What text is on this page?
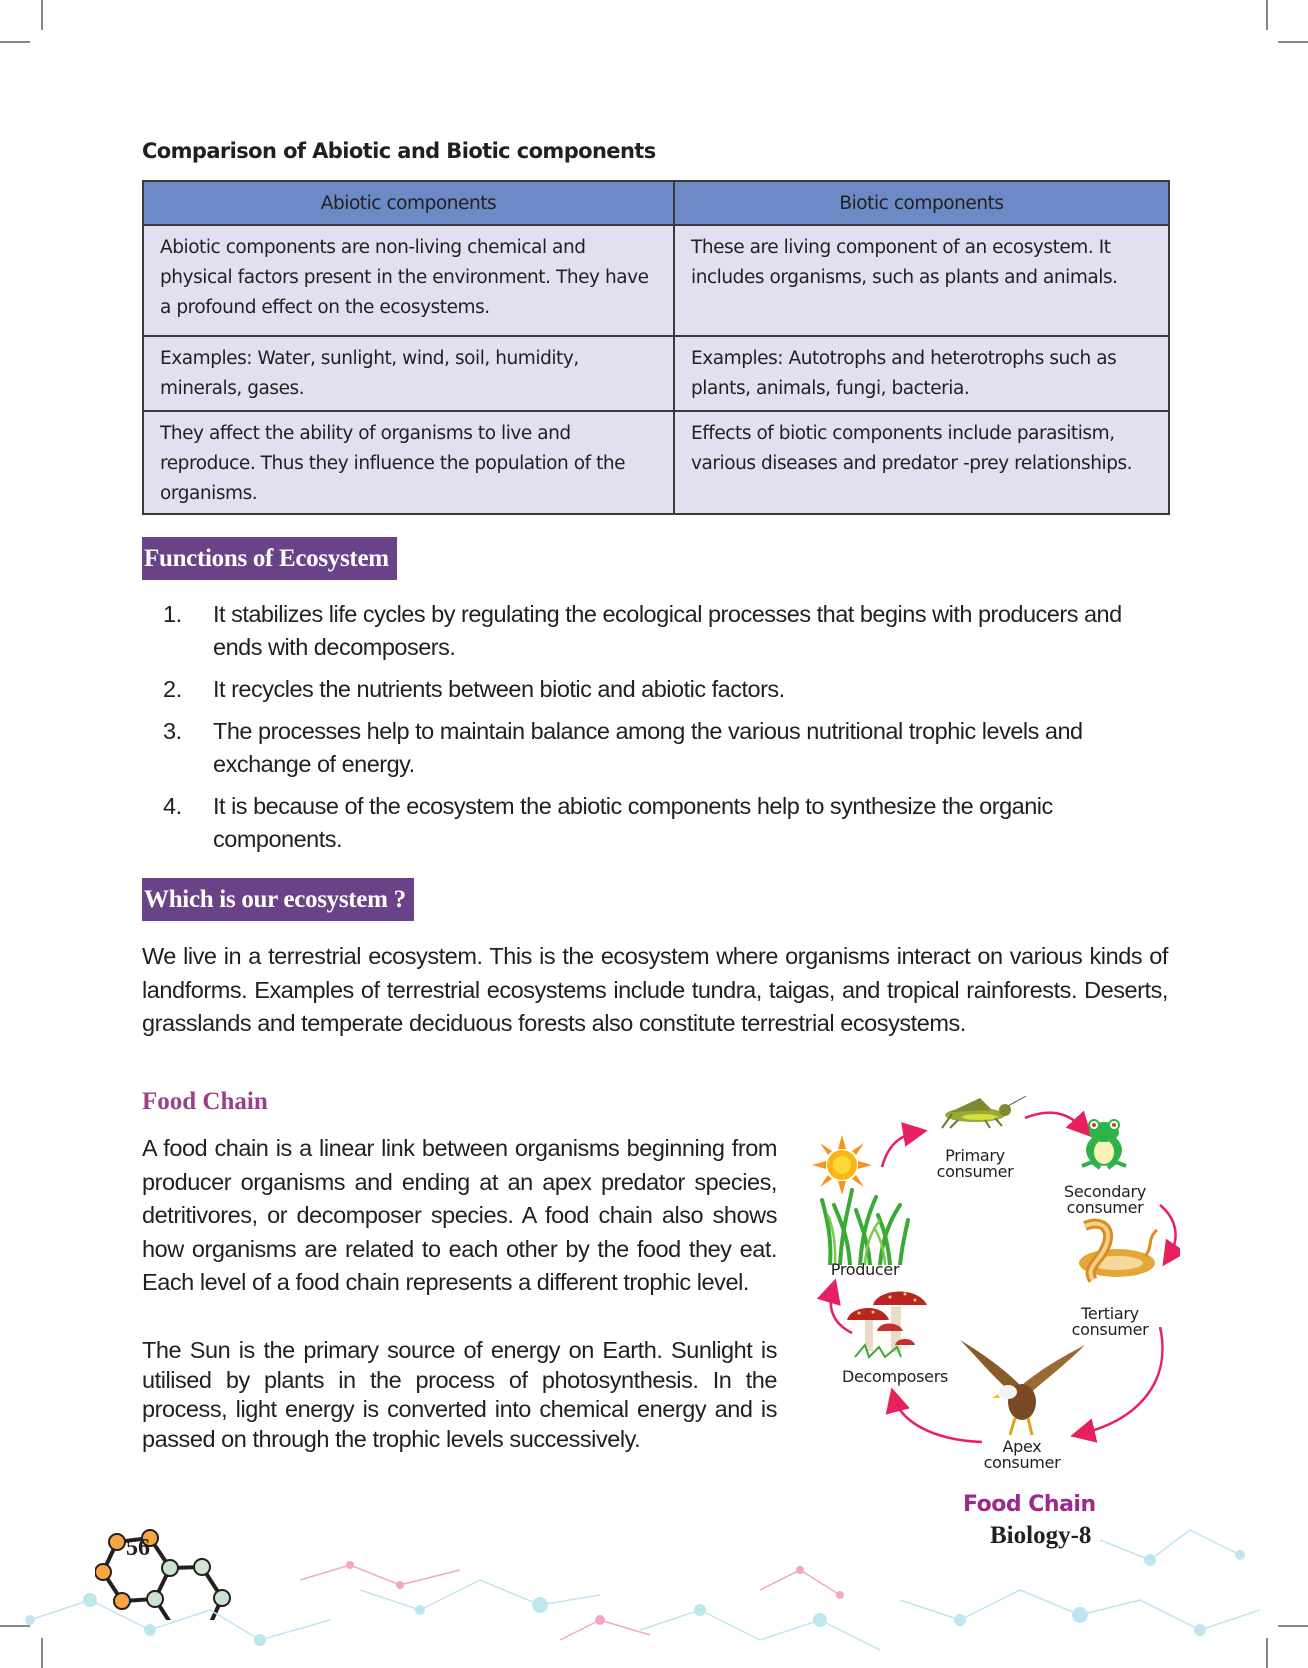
Comparison of Abiotic and Biotic components
Abiotic components	Biotic components
Abiotic components are non-living chemical and physical factors present in the environment. They have a profound effect on the ecosystems.	These are living component of an ecosystem. It includes organisms, such as plants and animals.
Examples: Water, sunlight, wind, soil, humidity, minerals, gases.	Examples: Autotrophs and heterotrophs such as plants, animals, fungi, bacteria.
They affect the ability of organisms to live and reproduce. Thus they influence the population of the organisms.	Effects of biotic components include parasitism, various diseases and predator -prey relationships.
Functions of Ecosystem
1. It stabilizes life cycles by regulating the ecological processes that begins with producers and ends with decomposers.
2. It recycles the nutrients between biotic and abiotic factors.
3. The processes help to maintain balance among the various nutritional trophic levels and exchange of energy.
4. It is because of the ecosystem the abiotic components help to synthesize the organic components.
Which is our ecosystem ?

We live in a terrestrial ecosystem. This is the ecosystem where organisms interact on various kinds of landforms. Examples of terrestrial ecosystems include tundra, taigas, and tropical rainforests. Deserts, grasslands and temperate deciduous forests also constitute terrestrial ecosystems.

Food Chain

A food chain is a linear link between organisms beginning from producer organisms and ending at an apex predator species, detritivores, or decomposer species. A food chain also shows how organisms are related to each other by the food they eat. Each level of a food chain represents a different trophic level.

The Sun is the primary source of energy on Earth. Sunlight is utilised by plants in the process of photosynthesis. In the process, light energy is converted into chemical energy and is passed on through the trophic levels successively.

Primary
consumer
Secondary
consumer
Producer
Tertiary
consumer
Decomposers
Apex
consumer
Food Chain
Biology-8
56
